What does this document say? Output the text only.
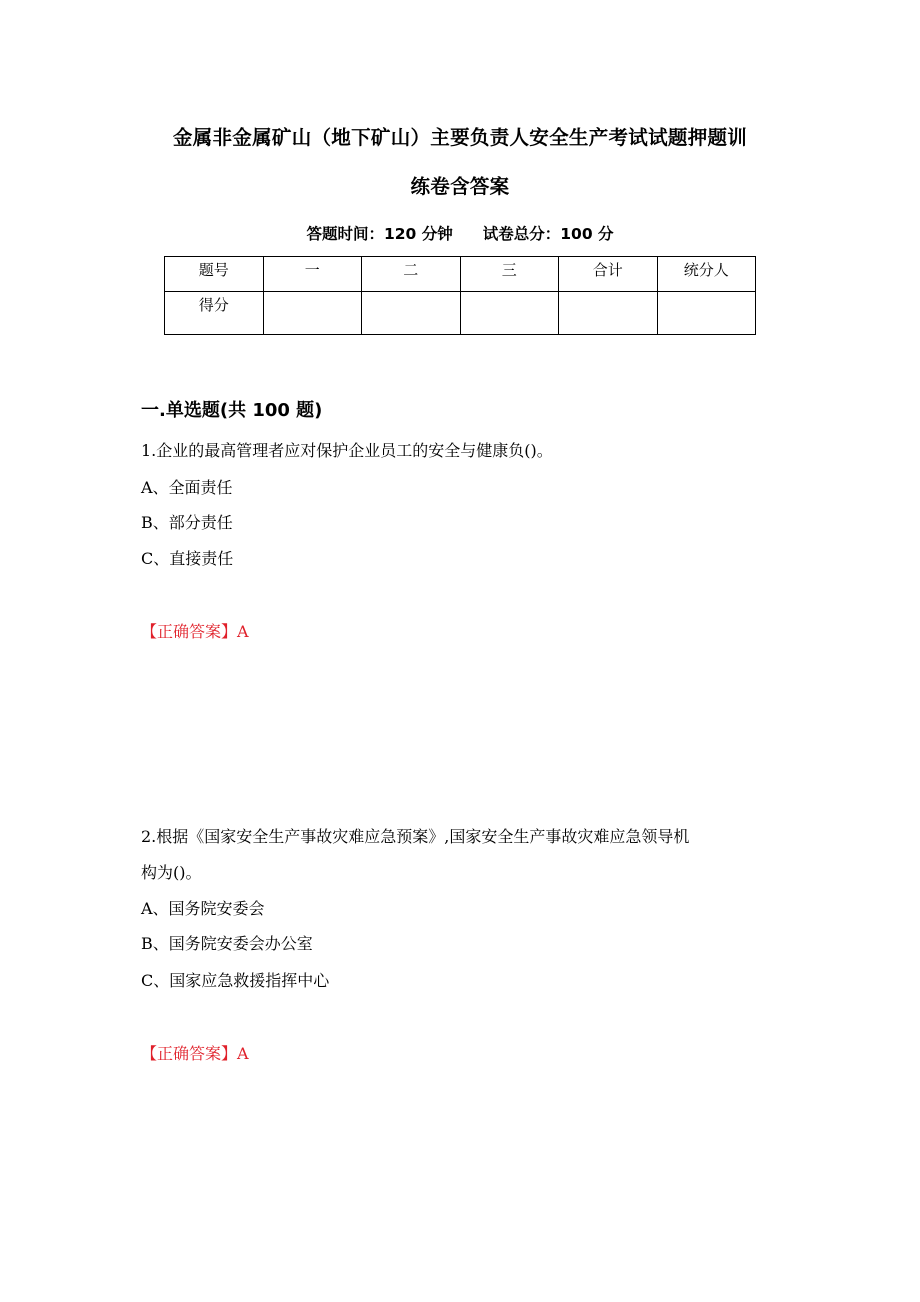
金属非金属矿山（地下矿山）主要负责人安全生产考试试题押题训
练卷含答案
答题时间：120 分钟 试卷总分：100 分
题号	一	二	三	合计	统分人
得分					
一.单选题(共 100 题)
1.企业的最高管理者应对保护企业员工的安全与健康负()。
A、全面责任
B、部分责任
C、直接责任
【正确答案】A
2.根据《国家安全生产事故灾难应急预案》,国家安全生产事故灾难应急领导机
构为()。
A、国务院安委会
B、国务院安委会办公室
C、国家应急救援指挥中心
【正确答案】A
